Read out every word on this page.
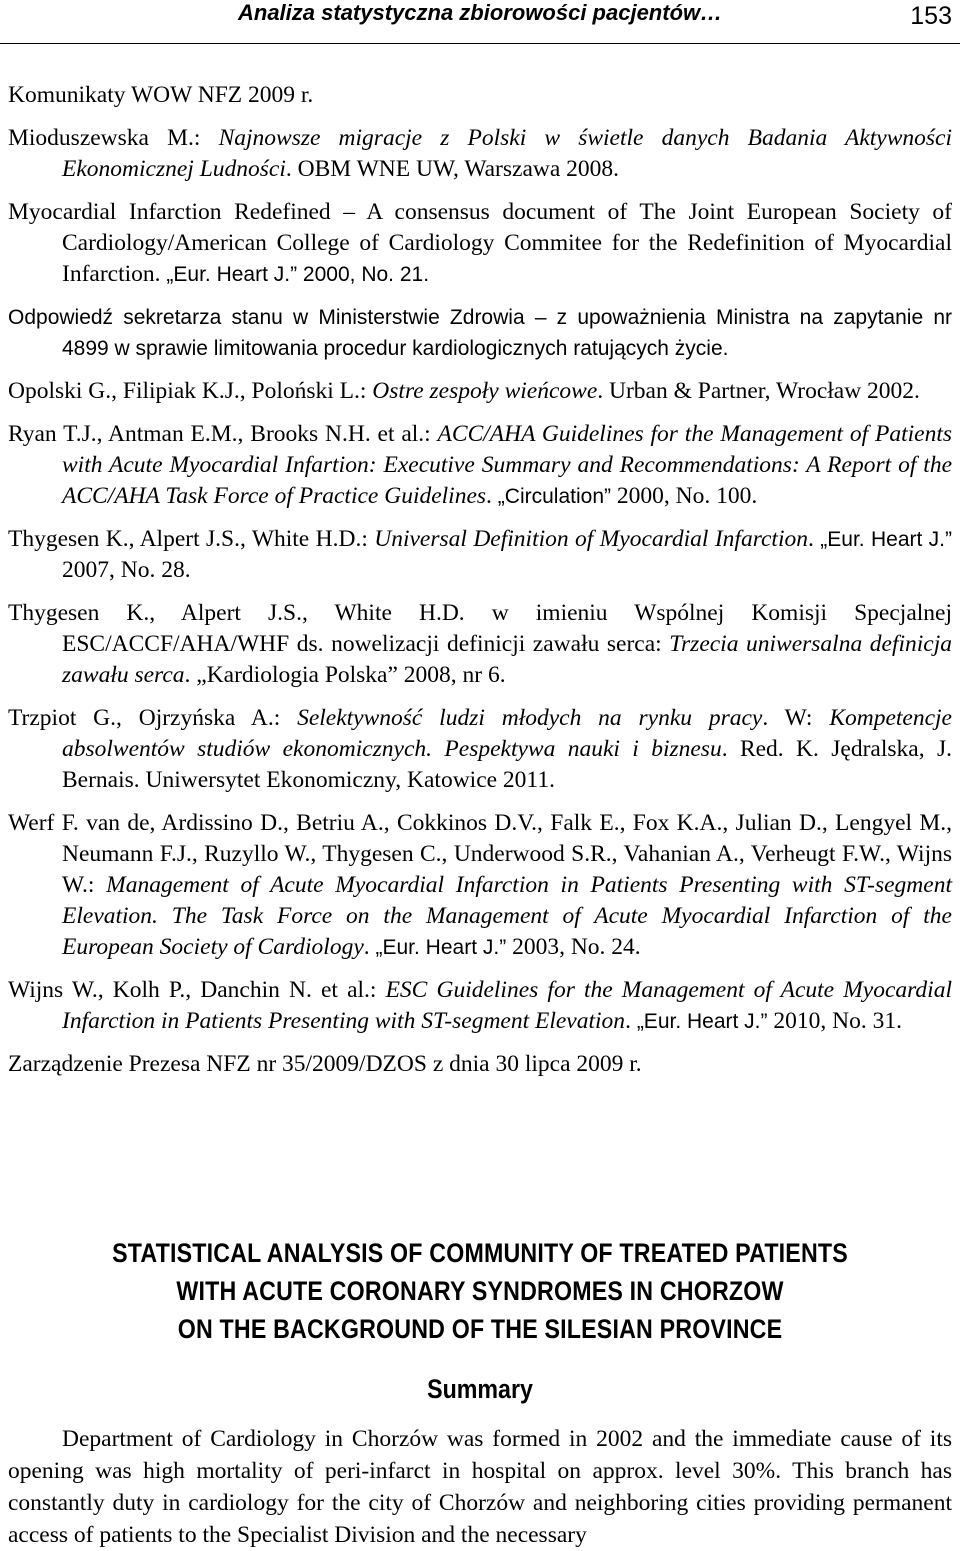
Analiza statystyczna zbiorowości pacjentów…	153

Komunikaty WOW NFZ 2009 r.

Mioduszewska M.: Najnowsze migracje z Polski w świetle danych Badania Aktywności Ekonomicznej Ludności. OBM WNE UW, Warszawa 2008.

Myocardial Infarction Redefined – A consensus document of The Joint European Society of Cardiology/American College of Cardiology Commitee for the Redefinition of Myocardial Infarction. „Eur. Heart J.” 2000, No. 21.

Odpowiedź sekretarza stanu w Ministerstwie Zdrowia – z upoważnienia Ministra na zapytanie nr 4899 w sprawie limitowania procedur kardiologicznych ratujących życie.

Opolski G., Filipiak K.J., Poloński L.: Ostre zespoły wieńcowe. Urban & Partner, Wrocław 2002.

Ryan T.J., Antman E.M., Brooks N.H. et al.: ACC/AHA Guidelines for the Management of Patients with Acute Myocardial Infartion: Executive Summary and Recommendations: A Report of the ACC/AHA Task Force of Practice Guidelines. „Circulation” 2000, No. 100.

Thygesen K., Alpert J.S., White H.D.: Universal Definition of Myocardial Infarction. „Eur. Heart J.” 2007, No. 28.

Thygesen K., Alpert J.S., White H.D. w imieniu Wspólnej Komisji Specjalnej ESC/ACCF/AHA/WHF ds. nowelizacji definicji zawału serca: Trzecia uniwersalna definicja zawału serca. „Kardiologia Polska” 2008, nr 6.

Trzpiot G., Ojrzyńska A.: Selektywność ludzi młodych na rynku pracy. W: Kompetencje absolwentów studiów ekonomicznych. Pespektywa nauki i biznesu. Red. K. Jędralska, J. Bernais. Uniwersytet Ekonomiczny, Katowice 2011.

Werf F. van de, Ardissino D., Betriu A., Cokkinos D.V., Falk E., Fox K.A., Julian D., Lengyel M., Neumann F.J., Ruzyllo W., Thygesen C., Underwood S.R., Vahanian A., Verheugt F.W., Wijns W.: Management of Acute Myocardial Infarction in Patients Presenting with ST-segment Elevation. The Task Force on the Management of Acute Myocardial Infarction of the European Society of Cardiology. „Eur. Heart J.” 2003, No. 24.

Wijns W., Kolh P., Danchin N. et al.: ESC Guidelines for the Management of Acute Myocardial Infarction in Patients Presenting with ST-segment Elevation. „Eur. Heart J.” 2010, No. 31.

Zarządzenie Prezesa NFZ nr 35/2009/DZOS z dnia 30 lipca 2009 r.

STATISTICAL ANALYSIS OF COMMUNITY OF TREATED PATIENTS
WITH ACUTE CORONARY SYNDROMES IN CHORZOW
ON THE BACKGROUND OF THE SILESIAN PROVINCE
Summary

Department of Cardiology in Chorzów was formed in 2002 and the immediate cause of its opening was high mortality of peri-infarct in hospital on approx. level 30%. This branch has constantly duty in cardiology for the city of Chorzów and neighboring cities providing permanent access of patients to the Specialist Division and the necessary
